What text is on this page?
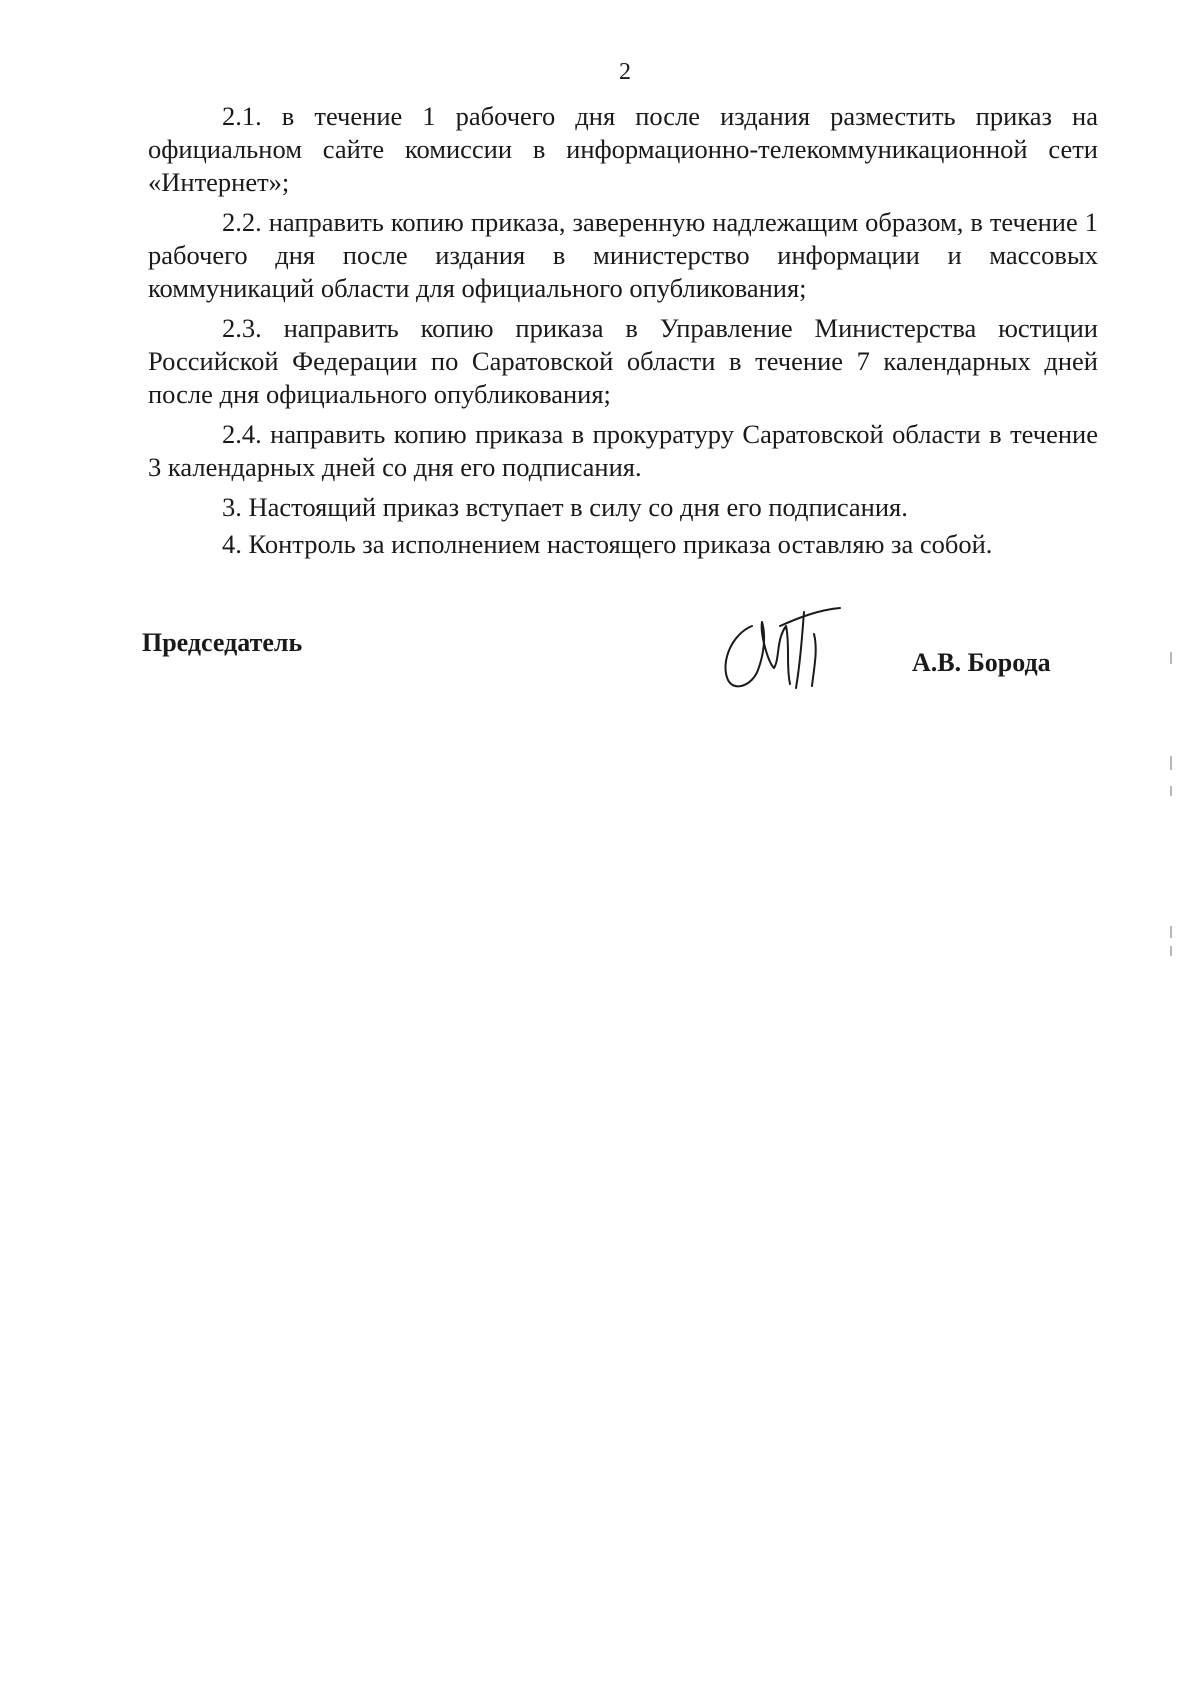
2

2.1. в течение 1 рабочего дня после издания разместить приказ на официальном сайте комиссии в информационно-телекоммуникационной сети «Интернет»;

2.2. направить копию приказа, заверенную надлежащим образом, в течение 1 рабочего дня после издания в министерство информации и массовых коммуникаций области для официального опубликования;

2.3. направить копию приказа в Управление Министерства юстиции Российской Федерации по Саратовской области в течение 7 календарных дней после дня официального опубликования;

2.4. направить копию приказа в прокуратуру Саратовской области в течение 3 календарных дней со дня его подписания.

3. Настоящий приказ вступает в силу со дня его подписания.

4. Контроль за исполнением настоящего приказа оставляю за собой.

Председатель
А.В. Борода
